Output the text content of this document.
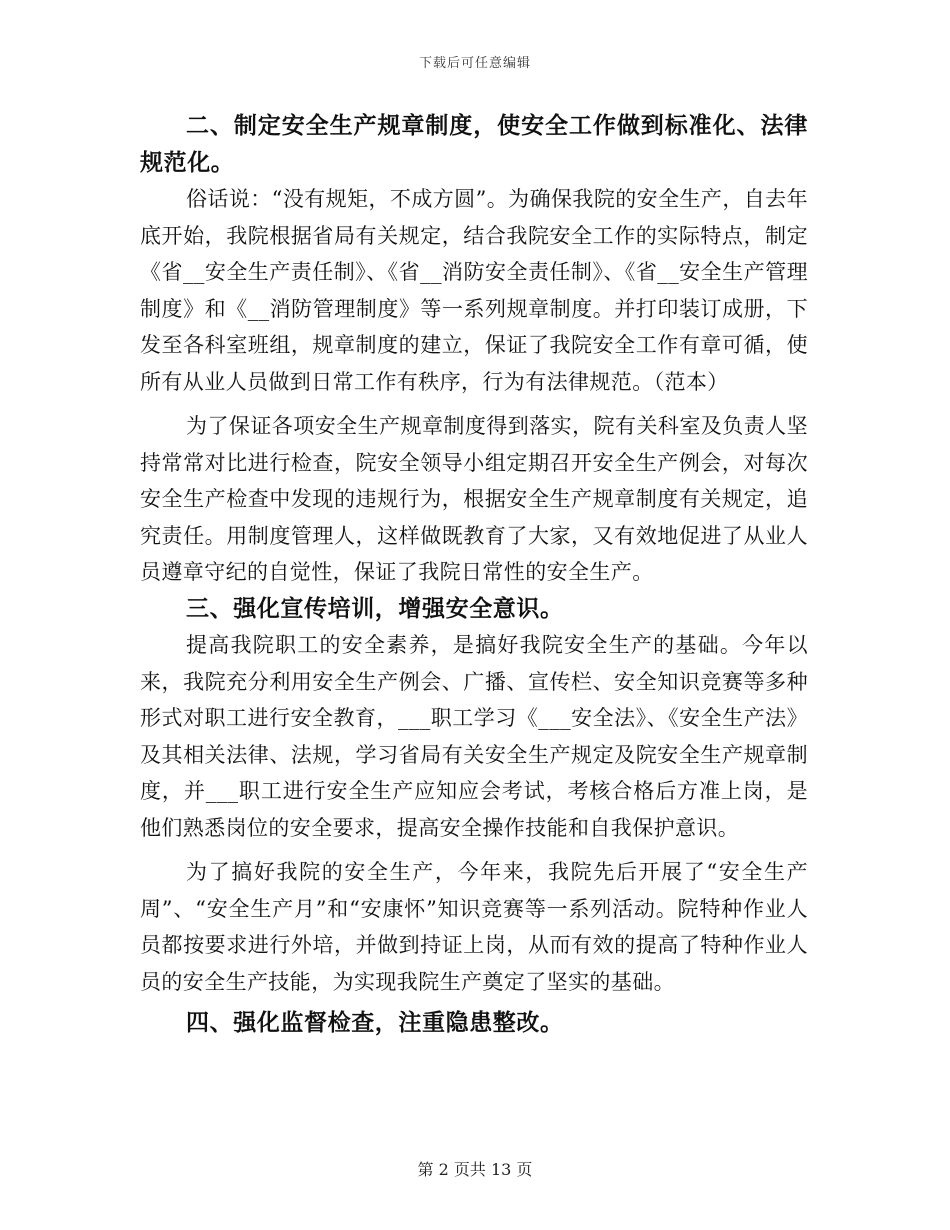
下载后可任意编辑

二、制定安全生产规章制度，使安全工作做到标准化、法律规范化。

俗话说：“没有规矩，不成方圆”。为确保我院的安全生产，自去年底开始，我院根据省局有关规定，结合我院安全工作的实际特点，制定《省__安全生产责任制》、《省__消防安全责任制》、《省__安全生产管理制度》和《__消防管理制度》等一系列规章制度。并打印装订成册，下发至各科室班组，规章制度的建立，保证了我院安全工作有章可循，使所有从业人员做到日常工作有秩序，行为有法律规范。（范本）

为了保证各项安全生产规章制度得到落实，院有关科室及负责人坚持常常对比进行检查，院安全领导小组定期召开安全生产例会，对每次安全生产检查中发现的违规行为，根据安全生产规章制度有关规定，追究责任。用制度管理人，这样做既教育了大家，又有效地促进了从业人员遵章守纪的自觉性，保证了我院日常性的安全生产。

三、强化宣传培训，增强安全意识。

提高我院职工的安全素养，是搞好我院安全生产的基础。今年以来，我院充分利用安全生产例会、广播、宣传栏、安全知识竞赛等多种形式对职工进行安全教育，___职工学习《___安全法》、《安全生产法》及其相关法律、法规，学习省局有关安全生产规定及院安全生产规章制度，并___职工进行安全生产应知应会考试，考核合格后方准上岗，是他们熟悉岗位的安全要求，提高安全操作技能和自我保护意识。

为了搞好我院的安全生产，今年来，我院先后开展了“安全生产周”、“安全生产月”和“安康怀”知识竞赛等一系列活动。院特种作业人员都按要求进行外培，并做到持证上岗，从而有效的提高了特种作业人员的安全生产技能，为实现我院生产奠定了坚实的基础。

四、强化监督检查，注重隐患整改。

第 2 页共 13 页
